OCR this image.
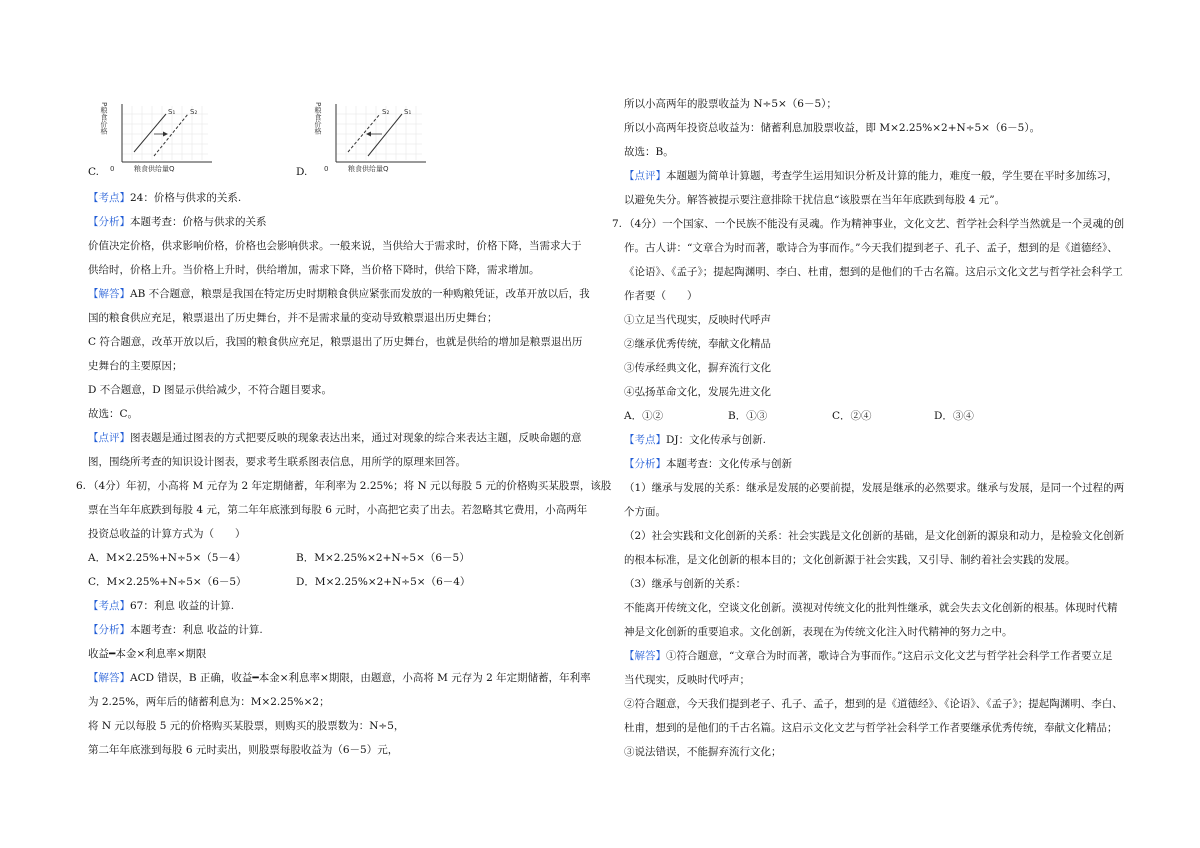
C.
S₁ S₂
粮食供给量Q
0
P粮食价格
D.
S₂ S₁
粮食供给量Q
0
P粮食价格
【考点】24：价格与供求的关系.
【分析】本题考查：价格与供求的关系
价值决定价格，供求影响价格，价格也会影响供求。一般来说，当供给大于需求时，价格下降，当需求大于
供给时，价格上升。当价格上升时，供给增加，需求下降，当价格下降时，供给下降，需求增加。
【解答】AB 不合题意，粮票是我国在特定历史时期粮食供应紧张而发放的一种购粮凭证，改革开放以后，我
国的粮食供应充足，粮票退出了历史舞台，并不是需求量的变动导致粮票退出历史舞台；
C 符合题意，改革开放以后，我国的粮食供应充足，粮票退出了历史舞台，也就是供给的增加是粮票退出历
史舞台的主要原因；
D 不合题意，D 图显示供给减少，不符合题目要求。
故选：C。
【点评】图表题是通过图表的方式把要反映的现象表达出来，通过对现象的综合来表达主题，反映命题的意
图，围绕所考查的知识设计图表，要求考生联系图表信息，用所学的原理来回答。
6. （4分）年初，小高将 M 元存为 2 年定期储蓄，年利率为 2.25%；将 N 元以每股 5 元的价格购买某股票，该股
票在当年年底跌到每股 4 元，第二年年底涨到每股 6 元时，小高把它卖了出去。若忽略其它费用，小高两年
投资总收益的计算方式为（　　）
A．M×2.25%+N÷5×（5－4）	B．M×2.25%×2+N÷5×（6－5）
C．M×2.25%+N÷5×（6－5）	D．M×2.25%×2+N÷5×（6－4）
【考点】67：利息 收益的计算.
【分析】本题考查：利息 收益的计算.
收益━本金×利息率×期限
【解答】ACD 错误，B 正确，收益━本金×利息率×期限，由题意，小高将 M 元存为 2 年定期储蓄，年利率
为 2.25%，两年后的储蓄利息为：M×2.25%×2；
将 N 元以每股 5 元的价格购买某股票，则购买的股票数为：N÷5，
第二年年底涨到每股 6 元时卖出，则股票每股收益为（6－5）元，
所以小高两年的股票收益为 N÷5×（6－5）；
所以小高两年投资总收益为：储蓄利息加股票收益，即 M×2.25%×2+N÷5×（6－5）。
故选：B。
【点评】本题题为简单计算题，考查学生运用知识分析及计算的能力，难度一般，学生要在平时多加练习，
以避免失分。解答被提示要注意排除干扰信息“该股票在当年年底跌到每股 4 元”。
7. （4分）一个国家、一个民族不能没有灵魂。作为精神事业，文化文艺、哲学社会科学当然就是一个灵魂的创
作。古人讲：“文章合为时而著，歌诗合为事而作。”今天我们提到老子、孔子、孟子，想到的是《道德经》、
《论语》、《孟子》；提起陶渊明、李白、杜甫，想到的是他们的千古名篇。这启示文化文艺与哲学社会科学工
作者要（　　）
①立足当代现实，反映时代呼声
②继承优秀传统，奉献文化精品
③传承经典文化，摒弃流行文化
④弘扬革命文化，发展先进文化
A．①②	B．①③	C．②④	D．③④
【考点】DJ：文化传承与创新.
【分析】本题考查：文化传承与创新
（1）继承与发展的关系：继承是发展的必要前提，发展是继承的必然要求。继承与发展，是同一个过程的两
个方面。
（2）社会实践和文化创新的关系：社会实践是文化创新的基础，是文化创新的源泉和动力，是检验文化创新
的根本标准，是文化创新的根本目的；文化创新源于社会实践，又引导、制约着社会实践的发展。
（3）继承与创新的关系：
不能离开传统文化，空谈文化创新。漠视对传统文化的批判性继承，就会失去文化创新的根基。体现时代精
神是文化创新的重要追求。文化创新，表现在为传统文化注入时代精神的努力之中。
【解答】①符合题意，“文章合为时而著，歌诗合为事而作。”这启示文化文艺与哲学社会科学工作者要立足
当代现实，反映时代呼声；
②符合题意，今天我们提到老子、孔子、孟子，想到的是《道德经》、《论语》、《孟子》；提起陶渊明、李白、
杜甫，想到的是他们的千古名篇。这启示文化文艺与哲学社会科学工作者要继承优秀传统，奉献文化精品；
③说法错误，不能摒弃流行文化；
